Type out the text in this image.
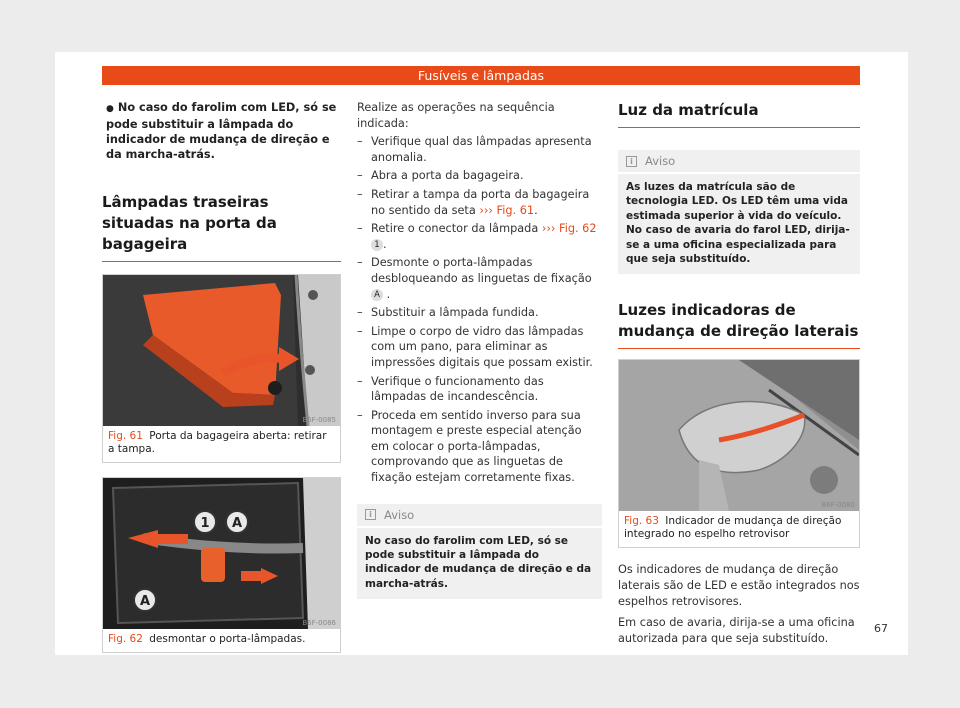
Fusíveis e lâmpadas

● No caso do farolim com LED, só se pode substituir a lâmpada do indicador de mudança de direção e da marcha-atrás.

Lâmpadas traseiras situadas na porta da bagageira
B6F-0085

Fig. 61 Porta da bagageira aberta: retirar a tampa.

1 A
A
B6F-0086

Fig. 62 desmontar o porta-lâmpadas.

Realize as operações na sequência indicada:

– Verifique qual das lâmpadas apresenta anomalia.
– Abra a porta da bagageira.
– Retirar a tampa da porta da bagageira no sentido da seta ››› Fig. 61.
– Retire o conector da lâmpada ››› Fig. 62 1 .
– Desmonte o porta-lâmpadas desbloqueando as linguetas de fixação A .
– Substituir a lâmpada fundida.
– Limpe o corpo de vidro das lâmpadas com um pano, para eliminar as impressões digitais que possam existir.
– Verifique o funcionamento das lâmpadas de incandescência.
– Proceda em sentido inverso para sua montagem e preste especial atenção em colocar o porta-lâmpadas, comprovando que as linguetas de fixação estejam corretamente fixas.
i	Aviso

No caso do farolim com LED, só se pode substituir a lâmpada do indicador de mudança de direção e da marcha-atrás.

Luz da matrícula
i	Aviso

As luzes da matrícula são de tecnologia LED. Os LED têm uma vida estimada superior à vida do veículo. No caso de avaria do farol LED, dirija-se a uma oficina especializada para que seja substituído.

Luzes indicadoras de mudança de direção laterais
B6F-0080

Fig. 63 Indicador de mudança de direção integrado no espelho retrovisor

Os indicadores de mudança de direção laterais são de LED e estão integrados nos espelhos retrovisores.

Em caso de avaria, dirija-se a uma oficina autorizada para que seja substituído.

67
